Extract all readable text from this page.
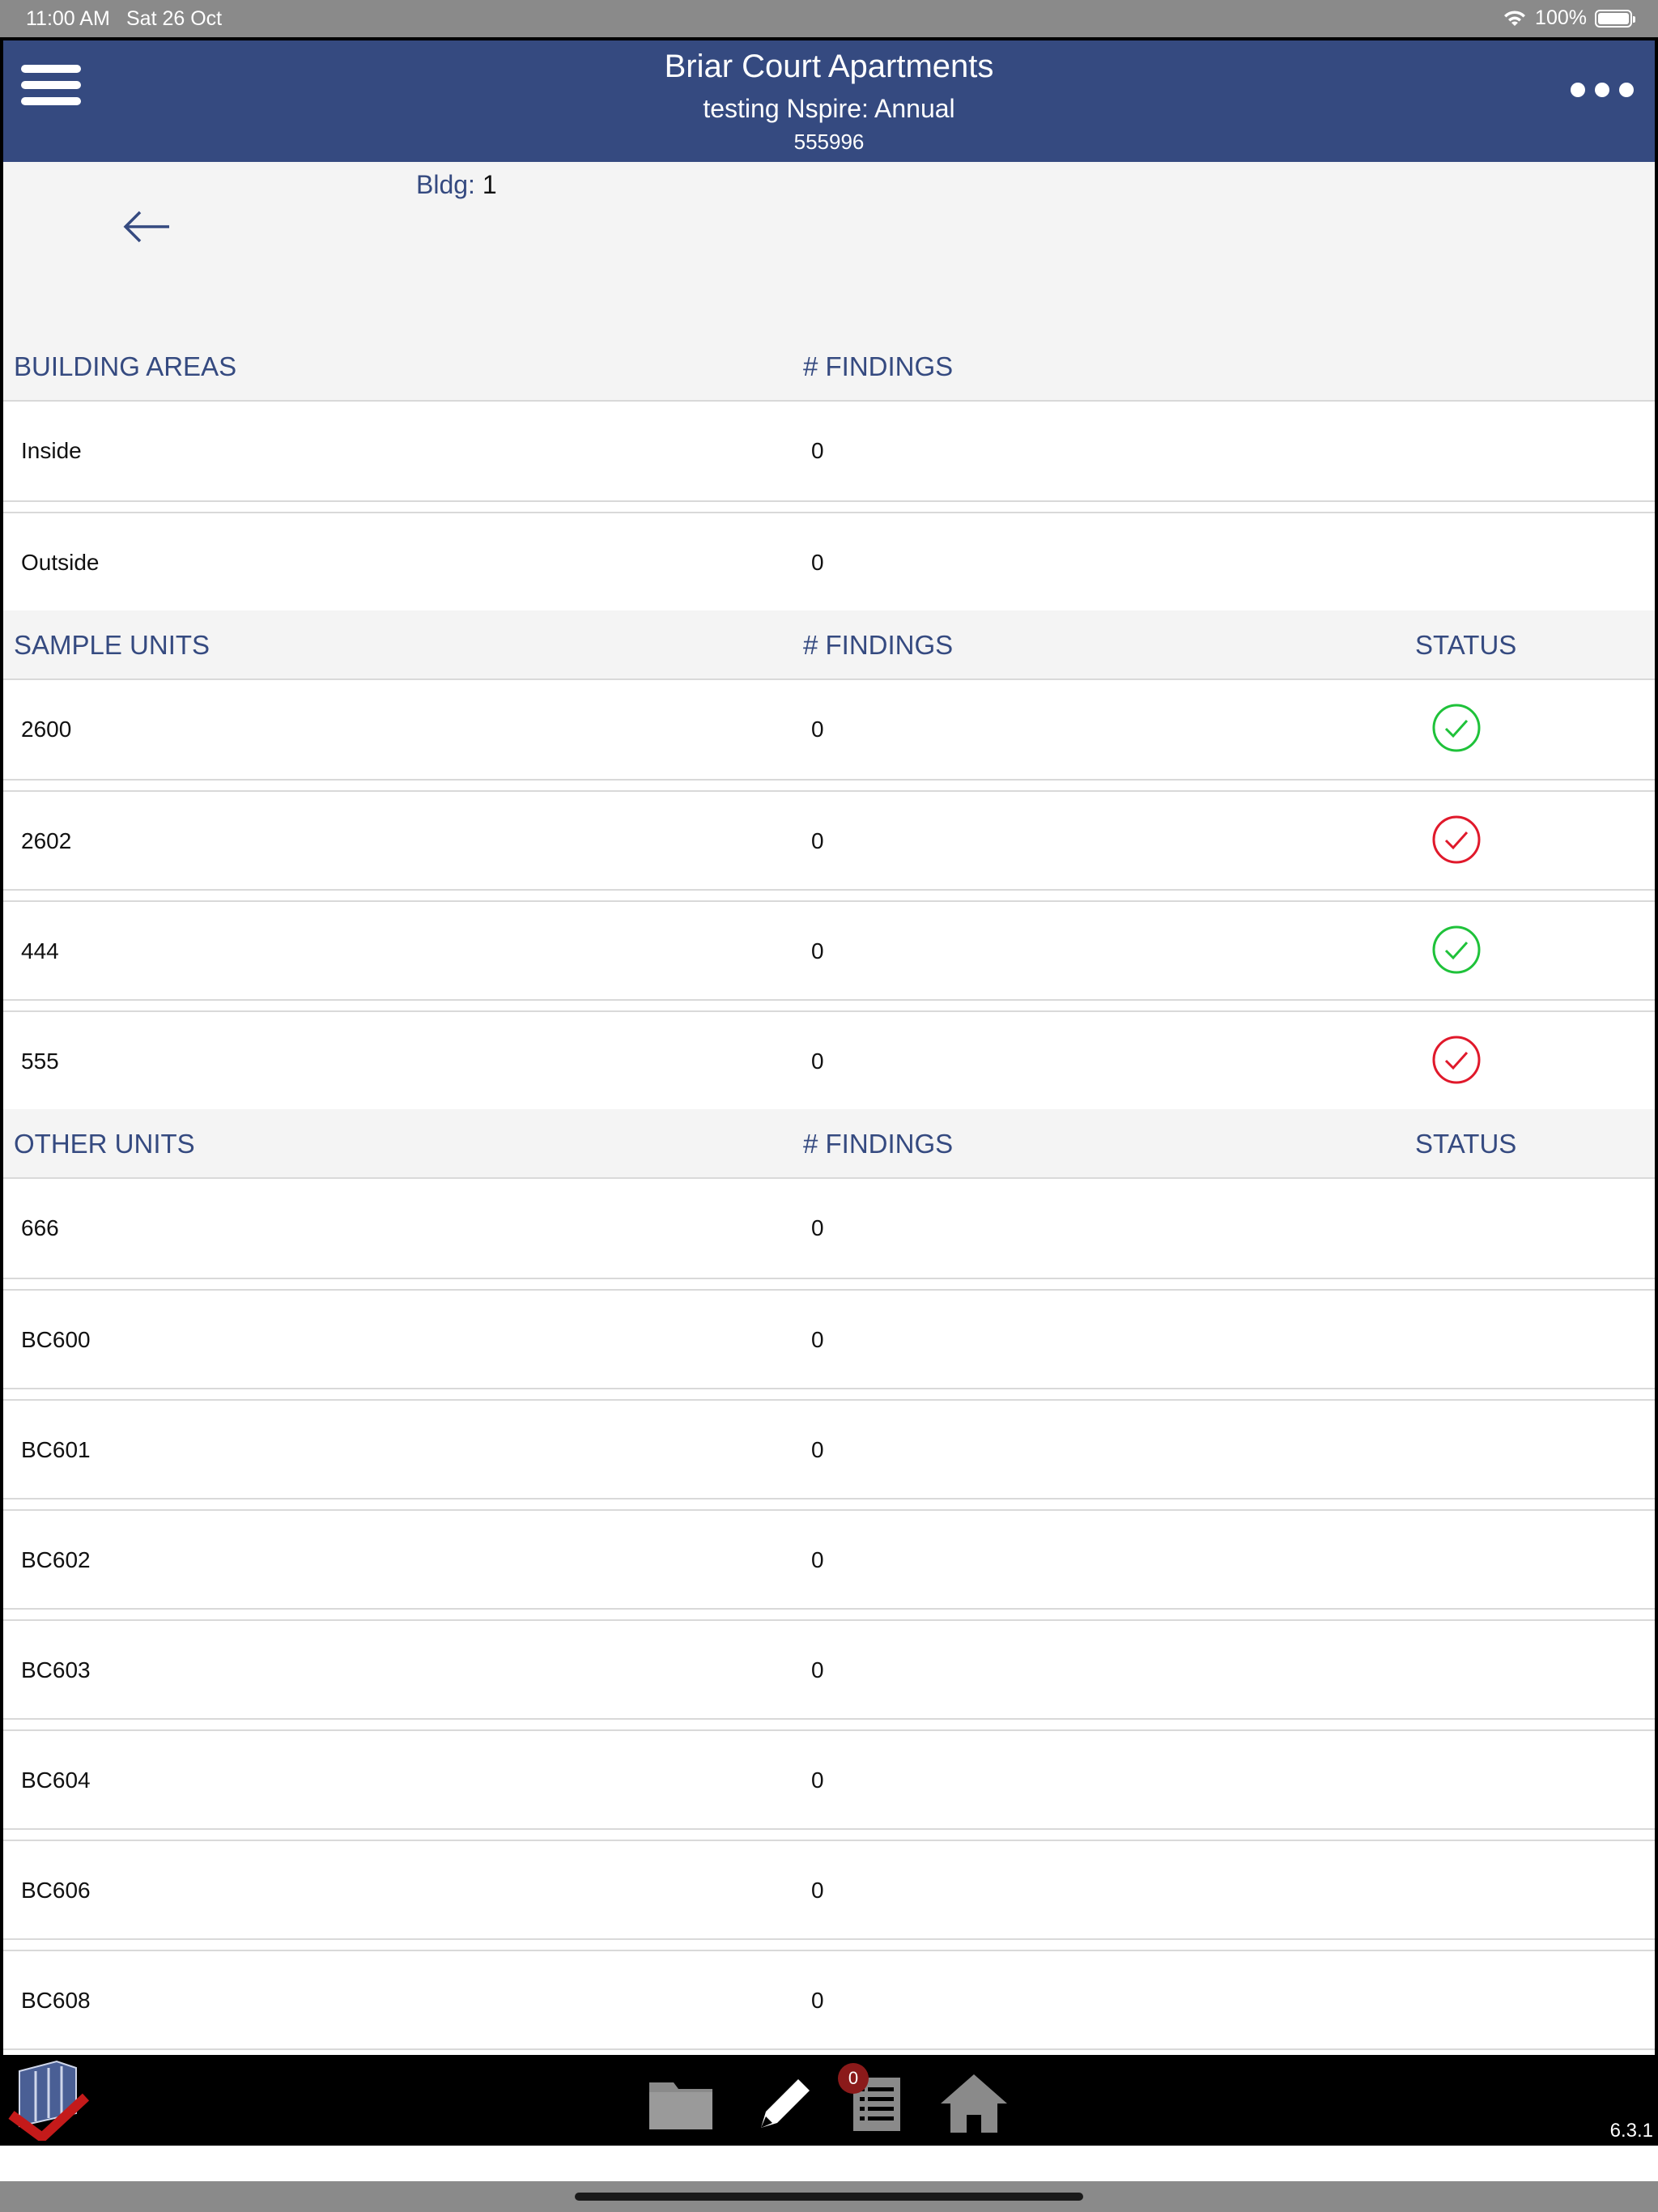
11:00 AM Sat 26 Oct	100%
Briar Court Apartments
testing Nspire: Annual
555996
Bldg: 1
BUILDING AREAS	# FINDINGS
Inside	0
Outside	0
SAMPLE UNITS	# FINDINGS	STATUS
2600	0
2602	0
444	0
555	0
OTHER UNITS	# FINDINGS	STATUS
666	0
BC600	0
BC601	0
BC602	0
BC603	0
BC604	0
BC606	0
BC608	0
0
6.3.1
